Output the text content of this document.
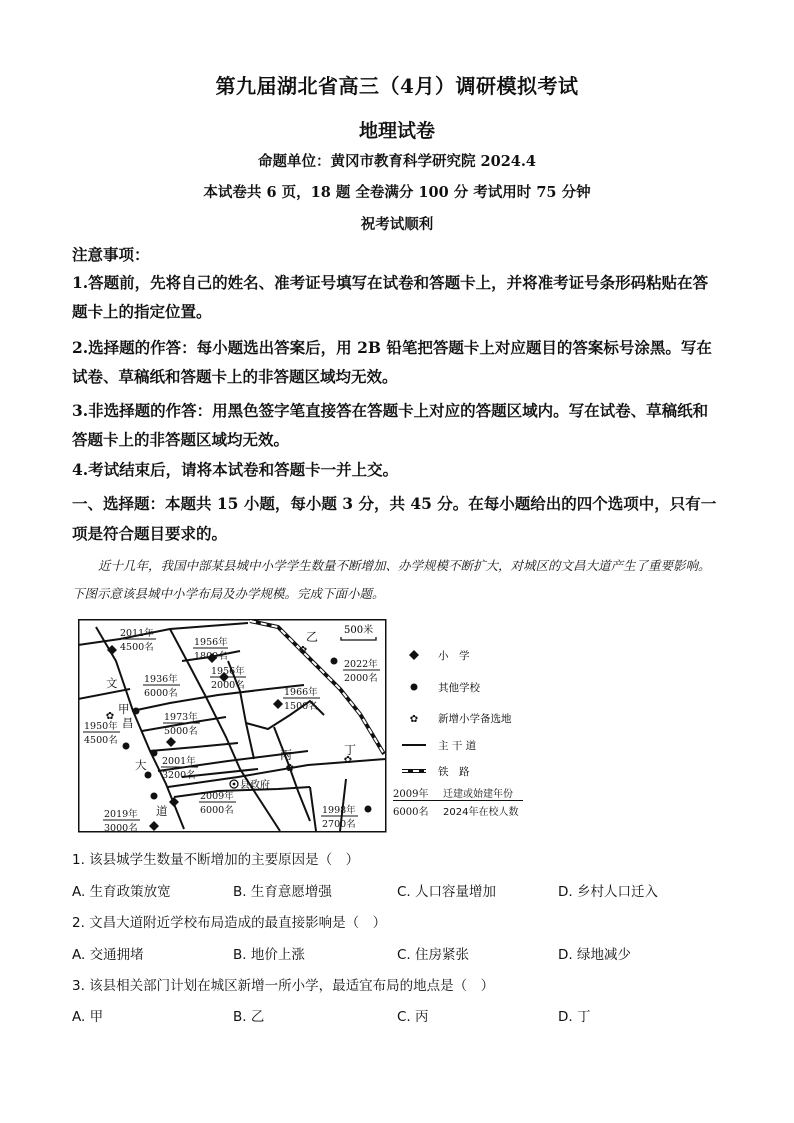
第九届湖北省高三（4月）调研模拟考试
地理试卷
命题单位：黄冈市教育科学研究院 2024.4
本试卷共 6 页，18 题 全卷满分 100 分 考试用时 75 分钟
祝考试顺利
注意事项：
1.答题前，先将自己的姓名、准考证号填写在试卷和答题卡上，并将准考证号条形码粘贴在答题卡上的指定位置。
2.选择题的作答：每小题选出答案后，用 2B 铅笔把答题卡上对应题目的答案标号涂黑。写在试卷、草稿纸和答题卡上的非答题区域均无效。
3.非选择题的作答：用黑色签字笔直接答在答题卡上对应的答题区域内。写在试卷、草稿纸和答题卡上的非答题区域均无效。
4.考试结束后，请将本试卷和答题卡一并上交。
一、选择题：本题共 15 小题，每小题 3 分，共 45 分。在每小题给出的四个选项中，只有一项是符合题目要求的。
近十几年，我国中部某县城中小学学生数量不断增加、办学规模不断扩大，对城区的文昌大道产生了重要影响。下图示意该县城中小学布局及办学规模。完成下面小题。
✿
✿
✿
✿
县政府
文
甲
昌
大
道
乙
丙	丁
500米
2011年
4500名	1956年
1800名
1956年
2000名
1936年
6000名	1966年
1500名
2022年
2000名
1950年
4500名
1973年
5000名
2001年
3200名
2009年
6000名
2019年
3000名
1998年
2700名
小　学
其他学校
✿ 新增小学备选地
主 干 道
铁　路
2009年
6000名
迁建或始建年份
2024年在校人数
1. 该县城学生数量不断增加的主要原因是（　）
A. 生育政策放宽	B. 生育意愿增强	C. 人口容量增加	D. 乡村人口迁入
2. 文昌大道附近学校布局造成的最直接影响是（　）
A. 交通拥堵	B. 地价上涨	C. 住房紧张	D. 绿地减少
3. 该县相关部门计划在城区新增一所小学，最适宜布局的地点是（　）
A. 甲	B. 乙	C. 丙	D. 丁
